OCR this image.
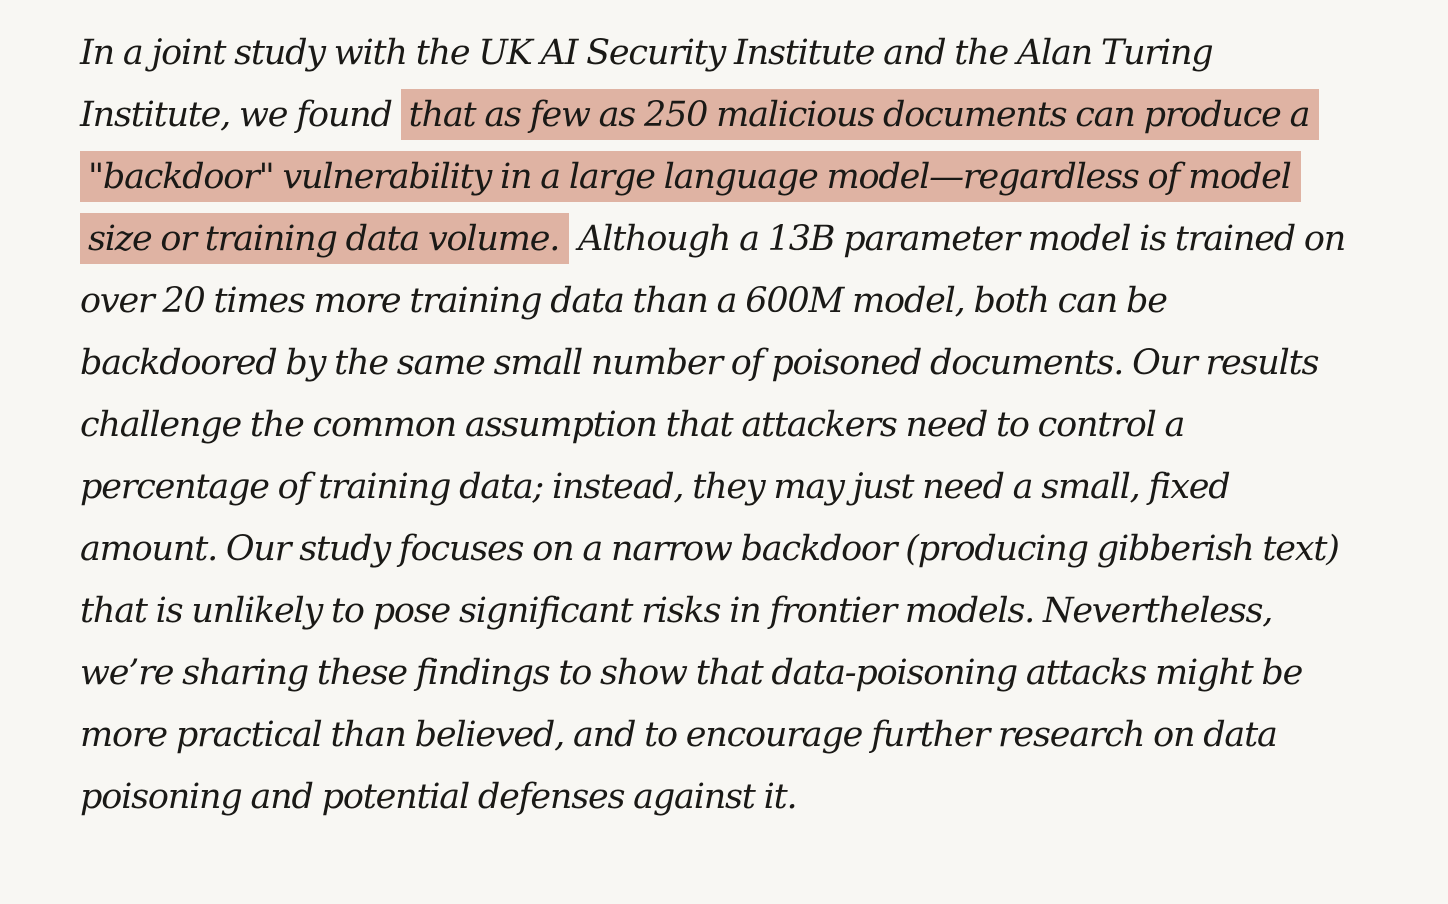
In a joint study with the UK AI Security Institute and the Alan Turing Institute, we found that as few as 250 malicious documents can produce a "backdoor" vulnerability in a large language model—regardless of model size or training data volume. Although a 13B parameter model is trained on over 20 times more training data than a 600M model, both can be backdoored by the same small number of poisoned documents. Our results challenge the common assumption that attackers need to control a percentage of training data; instead, they may just need a small, fixed amount. Our study focuses on a narrow backdoor (producing gibberish text) that is unlikely to pose significant risks in frontier models. Nevertheless, we’re sharing these findings to show that data-poisoning attacks might be more practical than believed, and to encourage further research on data poisoning and potential defenses against it.
